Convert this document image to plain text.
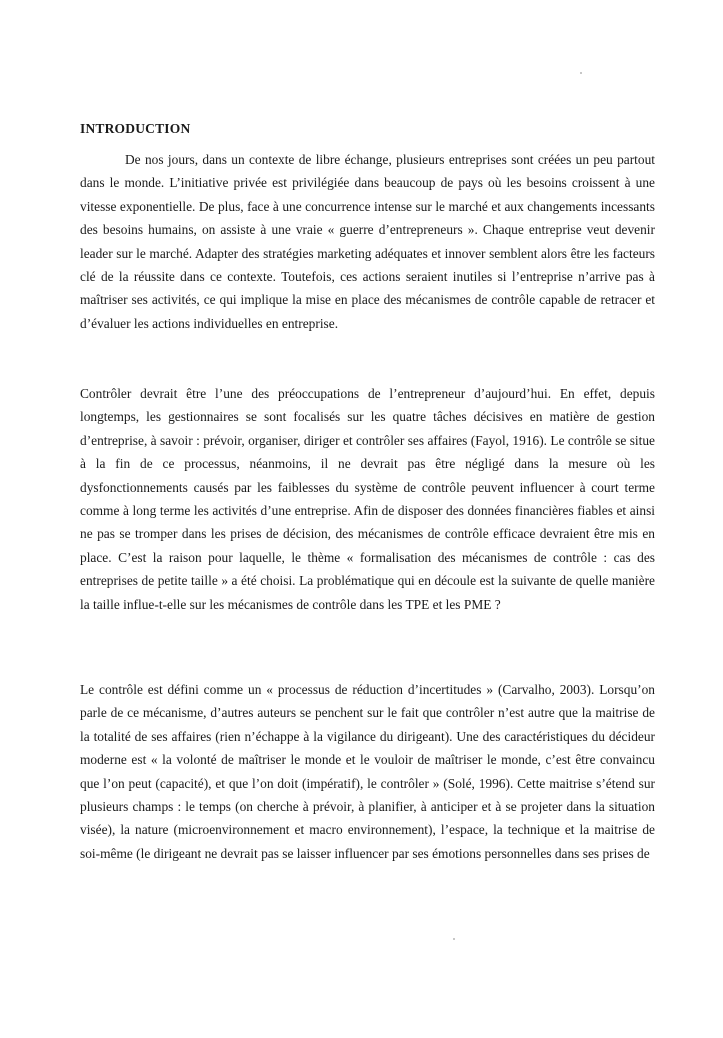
INTRODUCTION

De nos jours, dans un contexte de libre échange, plusieurs entreprises sont créées un peu partout dans le monde. L’initiative privée est privilégiée dans beaucoup de pays où les besoins croissent à une vitesse exponentielle. De plus, face à une concurrence intense sur le marché et aux changements incessants des besoins humains, on assiste à une vraie « guerre d’entrepreneurs ». Chaque entreprise veut devenir leader sur le marché. Adapter des stratégies marketing adéquates et innover semblent alors être les facteurs clé de la réussite dans ce contexte. Toutefois, ces actions seraient inutiles si l’entreprise n’arrive pas à maîtriser ses activités, ce qui implique la mise en place des mécanismes de contrôle capable de retracer et d’évaluer les actions individuelles en entreprise.

Contrôler devrait être l’une des préoccupations de l’entrepreneur d’aujourd’hui. En effet, depuis longtemps, les gestionnaires se sont focalisés sur les quatre tâches décisives en matière de gestion d’entreprise, à savoir : prévoir, organiser, diriger et contrôler ses affaires (Fayol, 1916). Le contrôle se situe à la fin de ce processus, néanmoins, il ne devrait pas être négligé dans la mesure où les dysfonctionnements causés par les faiblesses du système de contrôle peuvent influencer à court terme comme à long terme les activités d’une entreprise. Afin de disposer des données financières fiables et ainsi ne pas se tromper dans les prises de décision, des mécanismes de contrôle efficace devraient être mis en place. C’est la raison pour laquelle, le thème « formalisation des mécanismes de contrôle : cas des entreprises de petite taille » a été choisi. La problématique qui en découle est la suivante de quelle manière la taille influe-t-elle sur les mécanismes de contrôle dans les TPE et les PME ?

Le contrôle est défini comme un « processus de réduction d’incertitudes » (Carvalho, 2003). Lorsqu’on parle de ce mécanisme, d’autres auteurs se penchent sur le fait que contrôler n’est autre que la maitrise de la totalité de ses affaires (rien n’échappe à la vigilance du dirigeant). Une des caractéristiques du décideur moderne est « la volonté de maîtriser le monde et le vouloir de maîtriser le monde, c’est être convaincu que l’on peut (capacité), et que l’on doit (impératif), le contrôler » (Solé, 1996). Cette maitrise s’étend sur plusieurs champs : le temps (on cherche à prévoir, à planifier, à anticiper et à se projeter dans la situation visée), la nature (microenvironnement et macro environnement), l’espace, la technique et la maitrise de soi-même (le dirigeant ne devrait pas se laisser influencer par ses émotions personnelles dans ses prises de
